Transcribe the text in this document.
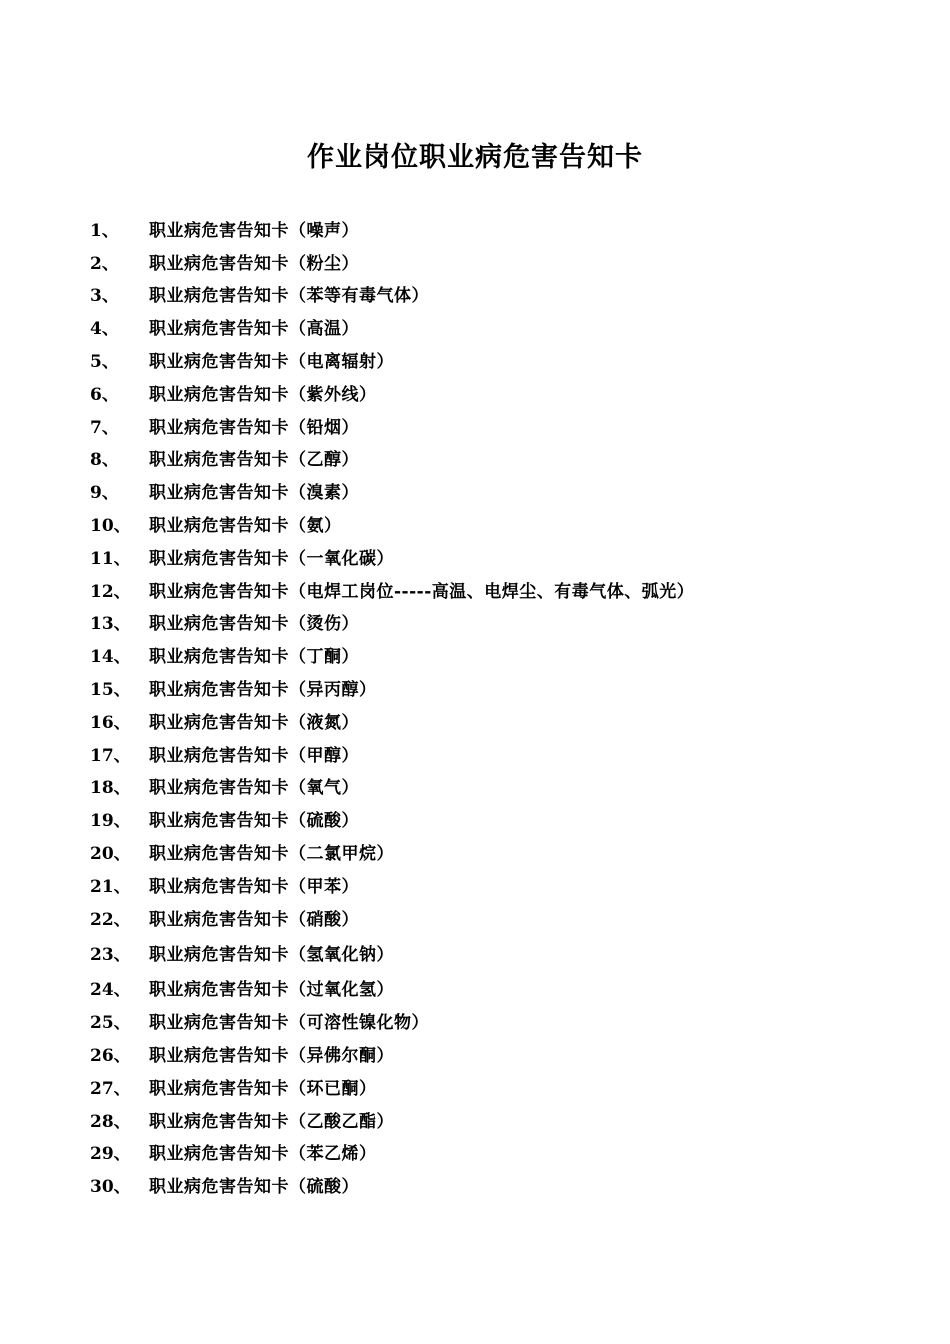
作业岗位职业病危害告知卡
1、	职业病危害告知卡（噪声）
2、	职业病危害告知卡（粉尘）
3、	职业病危害告知卡（苯等有毒气体）
4、	职业病危害告知卡（高温）
5、	职业病危害告知卡（电离辐射）
6、	职业病危害告知卡（紫外线）
7、	职业病危害告知卡（铅烟）
8、	职业病危害告知卡（乙醇）
9、	职业病危害告知卡（溴素）
10、	职业病危害告知卡（氨）
11、	职业病危害告知卡（一氧化碳）
12、	职业病危害告知卡（电焊工岗位-----高温、电焊尘、有毒气体、弧光）
13、	职业病危害告知卡（烫伤）
14、	职业病危害告知卡（丁酮）
15、	职业病危害告知卡（异丙醇）
16、	职业病危害告知卡（液氮）
17、	职业病危害告知卡（甲醇）
18、	职业病危害告知卡（氧气）
19、	职业病危害告知卡（硫酸）
20、	职业病危害告知卡（二氯甲烷）
21、	职业病危害告知卡（甲苯）
22、	职业病危害告知卡（硝酸）
23、	职业病危害告知卡（氢氧化钠）
24、	职业病危害告知卡（过氧化氢）
25、	职业病危害告知卡（可溶性镍化物）
26、	职业病危害告知卡（异佛尔酮）
27、	职业病危害告知卡（环已酮）
28、	职业病危害告知卡（乙酸乙酯）
29、	职业病危害告知卡（苯乙烯）
30、	职业病危害告知卡（硫酸）
